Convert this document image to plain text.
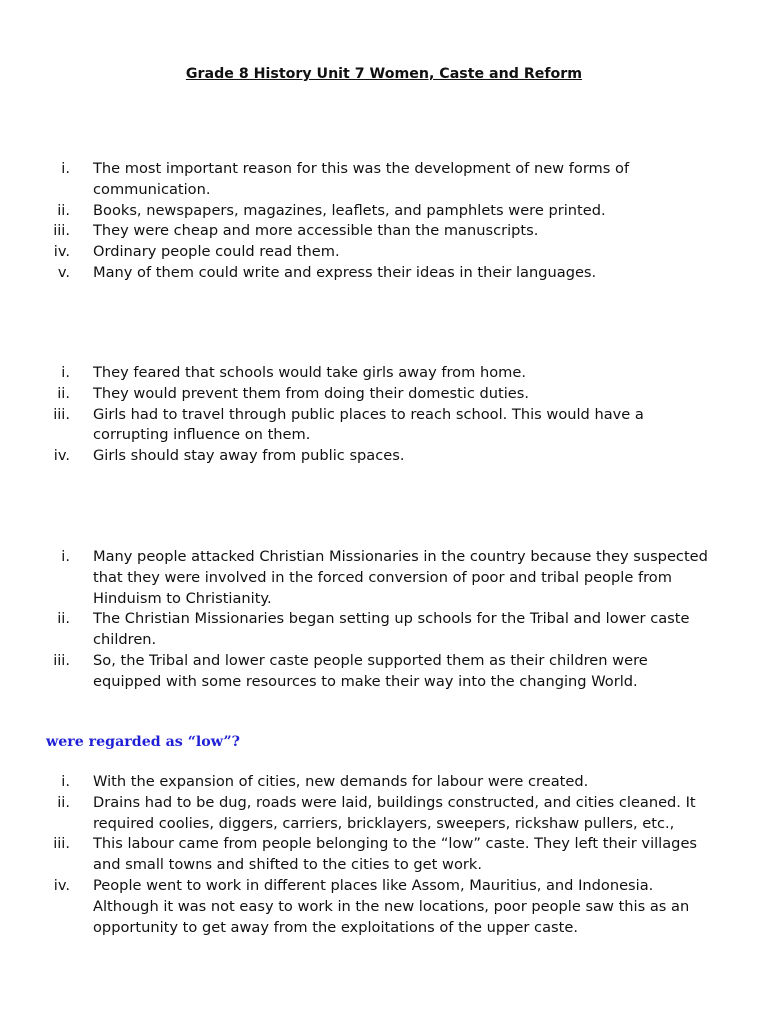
Grade 8 History Unit 7 Women, Caste and Reform
i. The most important reason for this was the development of new forms of communication.
ii. Books, newspapers, magazines, leaflets, and pamphlets were printed.
iii. They were cheap and more accessible than the manuscripts.
iv. Ordinary people could read them.
v. Many of them could write and express their ideas in their languages.
i. They feared that schools would take girls away from home.
ii. They would prevent them from doing their domestic duties.
iii. Girls had to travel through public places to reach school. This would have a corrupting influence on them.
iv. Girls should stay away from public spaces.
i. Many people attacked Christian Missionaries in the country because they suspected that they were involved in the forced conversion of poor and tribal people from Hinduism to Christianity.
ii. The Christian Missionaries began setting up schools for the Tribal and lower caste children.
iii. So, the Tribal and lower caste people supported them as their children were equipped with some resources to make their way into the changing World.
were regarded as “low”?
i. With the expansion of cities, new demands for labour were created.
ii. Drains had to be dug, roads were laid, buildings constructed, and cities cleaned. It required coolies, diggers, carriers, bricklayers, sweepers, rickshaw pullers, etc.,
iii. This labour came from people belonging to the “low” caste. They left their villages and small towns and shifted to the cities to get work.
iv. People went to work in different places like Assom, Mauritius, and Indonesia. Although it was not easy to work in the new locations, poor people saw this as an opportunity to get away from the exploitations of the upper caste.
